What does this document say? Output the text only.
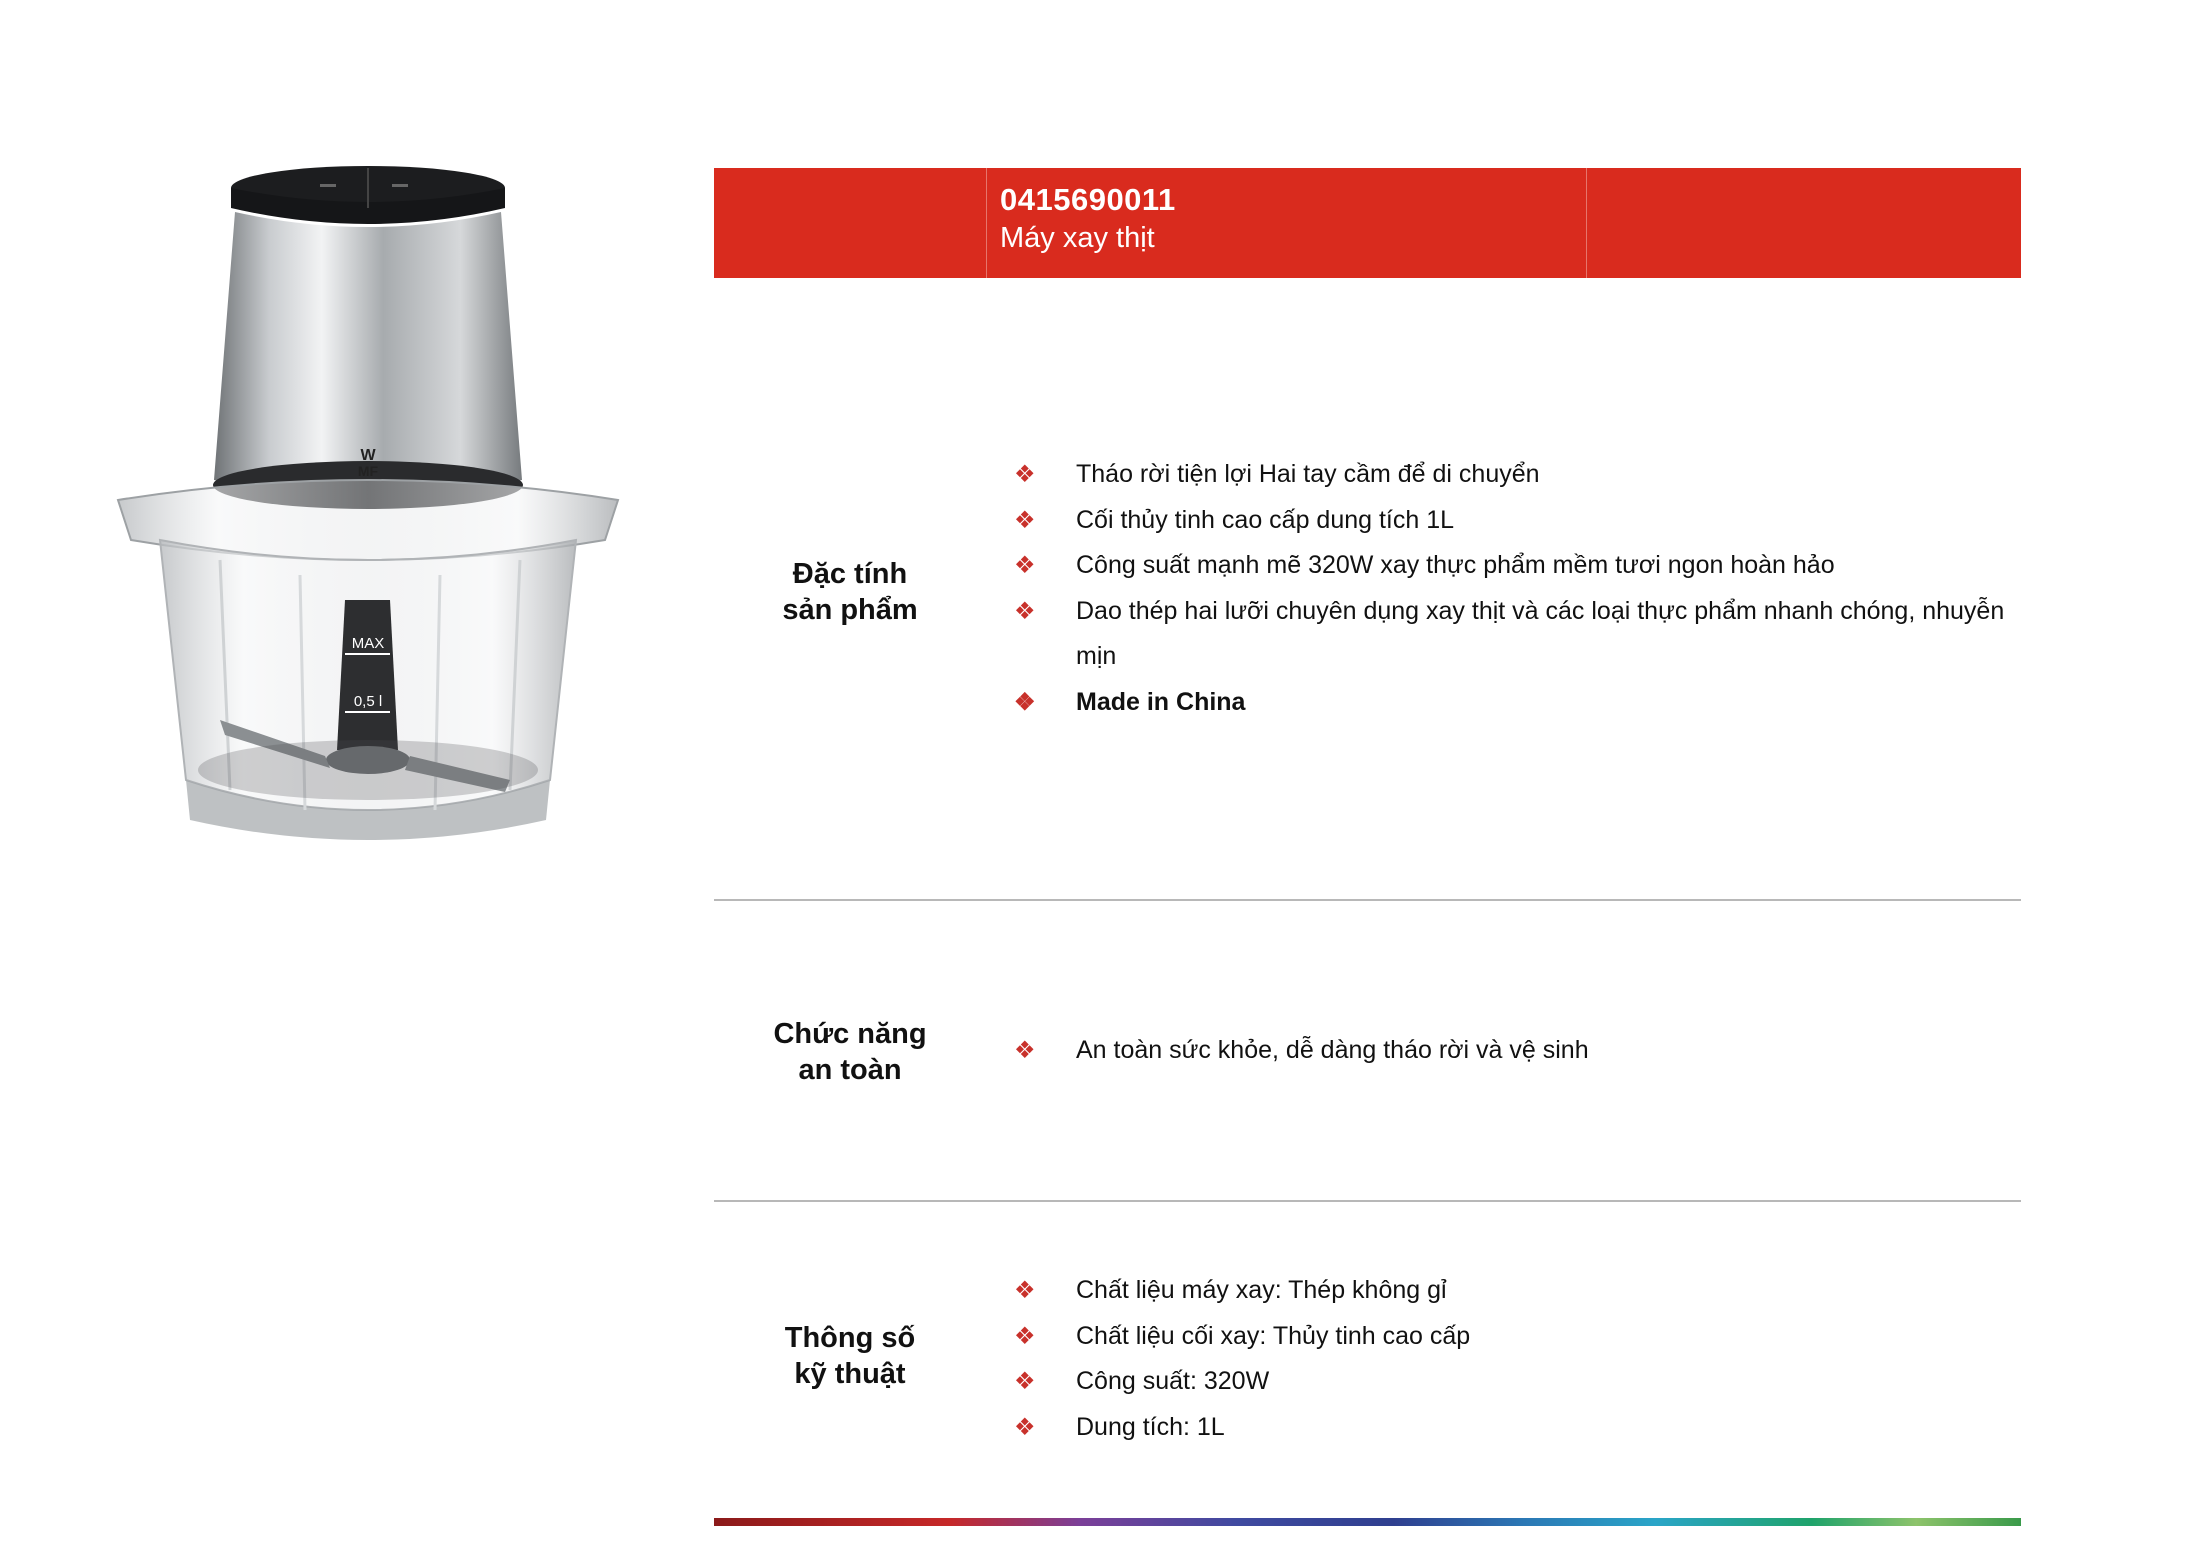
W
MF
MAX
0,5 l
0415690011
Máy xay thịt
Đặc tính
sản phẩm
❖ Tháo rời tiện lợi Hai tay cầm để di chuyển
❖ Cối thủy tinh cao cấp dung tích 1L
❖ Công suất mạnh mẽ 320W xay thực phẩm mềm tươi ngon hoàn hảo
❖ Dao thép hai lưỡi chuyên dụng xay thịt và các loại thực phẩm nhanh chóng, nhuyễn mịn
❖ Made in China
Chức năng
an toàn
❖ An toàn sức khỏe, dễ dàng tháo rời và vệ sinh
Thông số
kỹ thuật
❖ Chất liệu máy xay: Thép không gỉ
❖ Chất liệu cối xay: Thủy tinh cao cấp
❖ Công suất: 320W
❖ Dung tích: 1L
